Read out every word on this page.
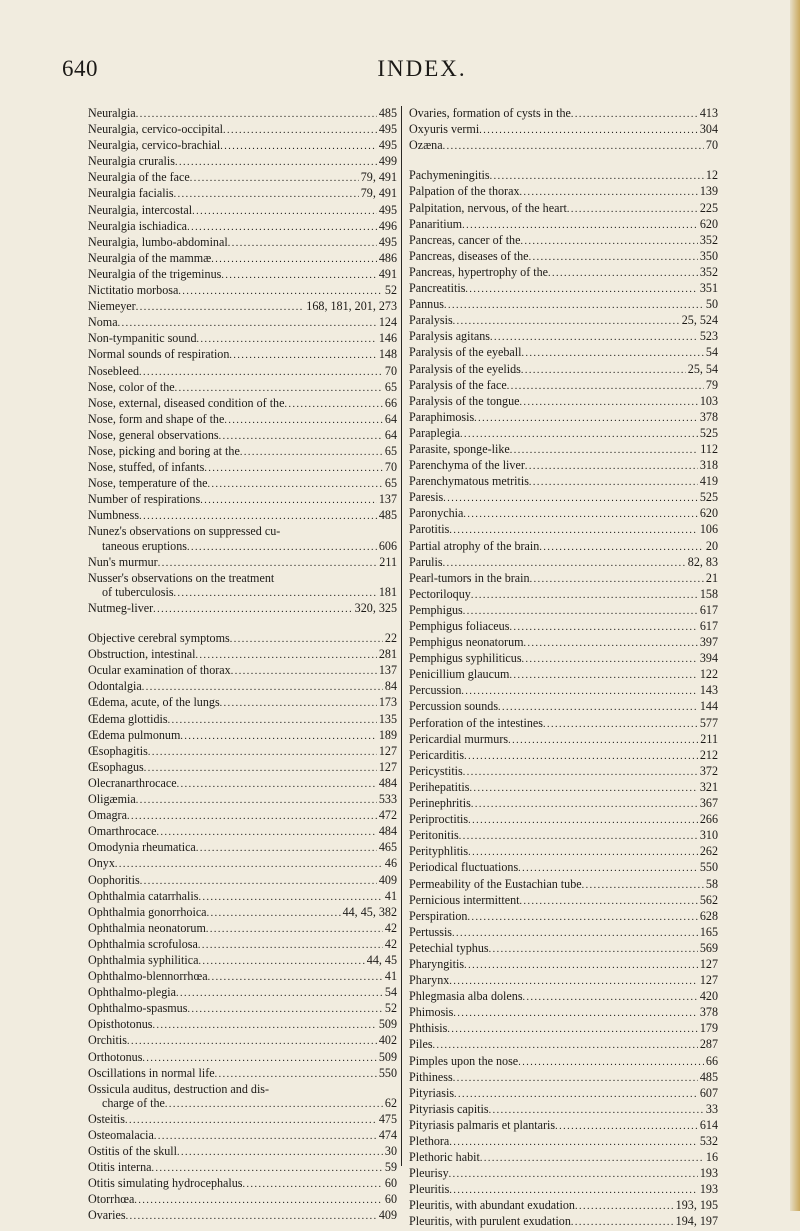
640	INDEX.
Neuralgia . . .	485
Neuralgia, cervico-occipital . . .	495
Neuralgia, cervico-brachial . . .	495
Neuralgia cruralis . . .	499
Neuralgia of the face . . .	79, 491
Neuralgia facialis . . .	79, 491
Neuralgia, intercostal . . .	495
Neuralgia ischiadica . . .	496
Neuralgia, lumbo-abdominal . . .	495
Neuralgia of the mammæ . . .	486
Neuralgia of the trigeminus . . .	491
Nictitatio morbosa . . .	52
Niemeyer . . .	168, 181, 201, 273
Noma . . .	124
Non-tympanitic sound . . .	146
Normal sounds of respiration . . .	148
Nosebleed . . .	70
Nose, color of the . . .	65
Nose, external, diseased condition of the . . .	66
Nose, form and shape of the . . .	64
Nose, general observations . . .	64
Nose, picking and boring at the . . .	65
Nose, stuffed, of infants . . .	70
Nose, temperature of the . . .	65
Number of respirations . . .	137
Numbness . . .	485
Nunez's observations on suppressed cu-
taneous eruptions . . .	606
Nun's murmur . . .	211
Nusser's observations on the treatment
of tuberculosis . . .	181
Nutmeg-liver . . .	320, 325
Objective cerebral symptoms . . .	22
Obstruction, intestinal . . .	281
Ocular examination of thorax . . .	137
Odontalgia . . .	84
Œdema, acute, of the lungs . . .	173
Œdema glottidis . . .	135
Œdema pulmonum . . .	189
Œsophagitis . . .	127
Œsophagus . . .	127
Olecranarthrocace . . .	484
Oligæmia . . .	533
Omagra . . .	472
Omarthrocace . . .	484
Omodynia rheumatica . . .	465
Onyx . . .	46
Oophoritis . . .	409
Ophthalmia catarrhalis . . .	41
Ophthalmia gonorrhoica . . .	44, 45, 382
Ophthalmia neonatorum . . .	42
Ophthalmia scrofulosa . . .	42
Ophthalmia syphilitica . . .	44, 45
Ophthalmo-blennorrhœa . . .	41
Ophthalmo-plegia . . .	54
Ophthalmo-spasmus . . .	52
Opisthotonus . . .	509
Orchitis . . .	402
Orthotonus . . .	509
Oscillations in normal life . . .	550
Ossicula auditus, destruction and dis-
charge of the . . .	62
Osteitis . . .	475
Osteomalacia . . .	474
Ostitis of the skull . . .	30
Otitis interna . . .	59
Otitis simulating hydrocephalus . . .	60
Otorrhœa . . .	60
Ovaries . . .	409
Ovaries, formation of cysts in the . . .	413
Oxyuris vermi . . .	304
Ozæna . . .	70
Pachymeningitis . . .	12
Palpation of the thorax . . .	139
Palpitation, nervous, of the heart . . .	225
Panaritium . . .	620
Pancreas, cancer of the . . .	352
Pancreas, diseases of the . . .	350
Pancreas, hypertrophy of the . . .	352
Pancreatitis . . .	351
Pannus . . .	50
Paralysis . . .	25, 524
Paralysis agitans . . .	523
Paralysis of the eyeball . . .	54
Paralysis of the eyelids . . .	25, 54
Paralysis of the face . . .	79
Paralysis of the tongue . . .	103
Paraphimosis . . .	378
Paraplegia . . .	525
Parasite, sponge-like . . .	112
Parenchyma of the liver . . .	318
Parenchymatous metritis . . .	419
Paresis . . .	525
Paronychia . . .	620
Parotitis . . .	106
Partial atrophy of the brain . . .	20
Parulis . . .	82, 83
Pearl-tumors in the brain . . .	21
Pectoriloquy . . .	158
Pemphigus . . .	617
Pemphigus foliaceus . . .	617
Pemphigus neonatorum . . .	397
Pemphigus syphiliticus . . .	394
Penicillium glaucum . . .	122
Percussion . . .	143
Percussion sounds . . .	144
Perforation of the intestines . . .	577
Pericardial murmurs . . .	211
Pericarditis . . .	212
Pericystitis . . .	372
Perihepatitis . . .	321
Perinephritis . . .	367
Periproctitis . . .	266
Peritonitis . . .	310
Perityphlitis . . .	262
Periodical fluctuations . . .	550
Permeability of the Eustachian tube . . .	58
Pernicious intermittent . . .	562
Perspiration . . .	628
Pertussis . . .	165
Petechial typhus . . .	569
Pharyngitis . . .	127
Pharynx . . .	127
Phlegmasia alba dolens . . .	420
Phimosis . . .	378
Phthisis . . .	179
Piles . . .	287
Pimples upon the nose . . .	66
Pithiness . . .	485
Pityriasis . . .	607
Pityriasis capitis . . .	33
Pityriasis palmaris et plantaris . . .	614
Plethora . . .	532
Plethoric habit . . .	16
Pleurisy . . .	193
Pleuritis . . .	193
Pleuritis, with abundant exudation . . .	193, 195
Pleuritis, with purulent exudation . . .	194, 197
